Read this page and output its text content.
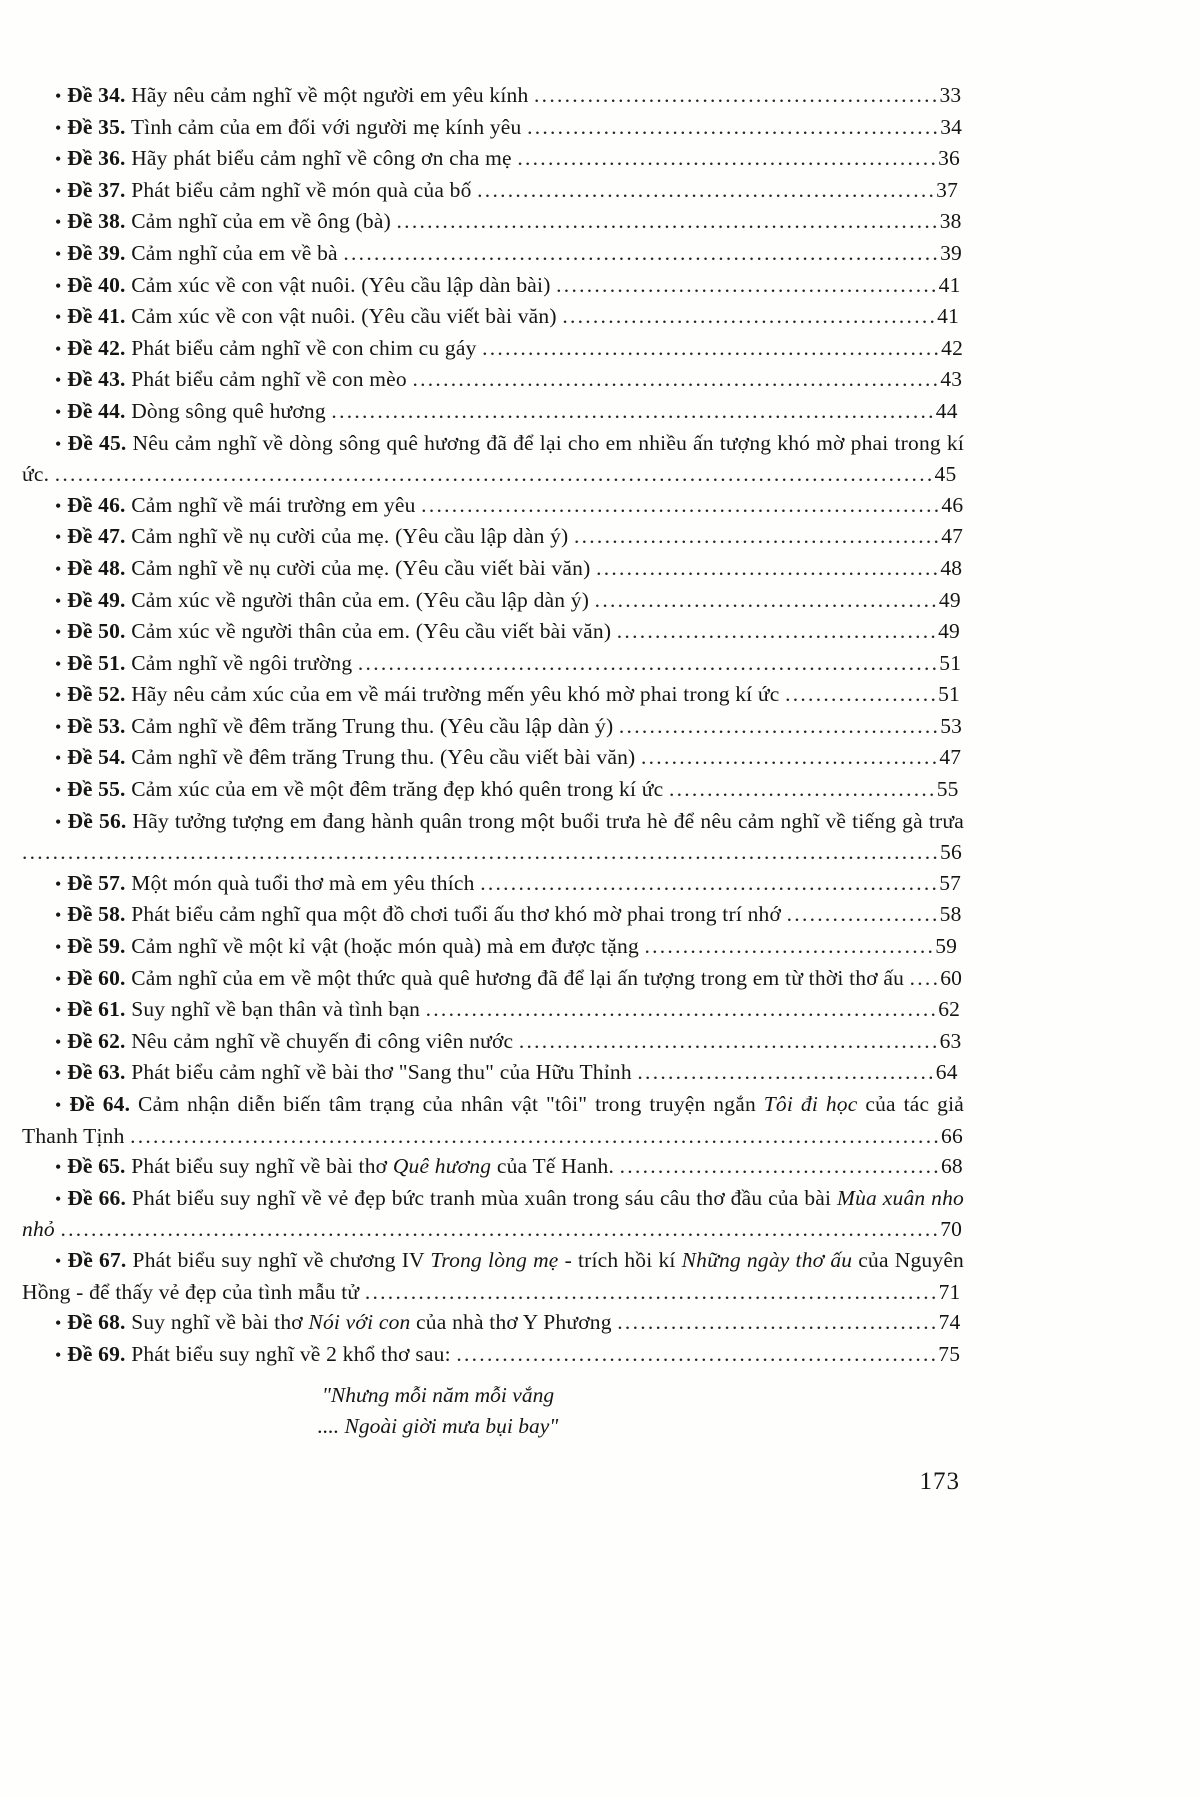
• Đề 34. Hãy nêu cảm nghĩ về một người em yêu kính . . . . . . . . . . . . . . . . . . . . . . . . . . . . . . . . . . . . . . . . . . . . . . . . . . . . . 33
• Đề 35. Tình cảm của em đối với người mẹ kính yêu . . . . . . . . . . . . . . . . . . . . . . . . . . . . . . . . . . . . . . . . . . . . . . . . . . . . . . 34
• Đề 36. Hãy phát biểu cảm nghĩ về công ơn cha mẹ . . . . . . . . . . . . . . . . . . . . . . . . . . . . . . . . . . . . . . . . . . . . . . . . . . . . . . . 36
• Đề 37. Phát biểu cảm nghĩ về món quà của bố . . . . . . . . . . . . . . . . . . . . . . . . . . . . . . . . . . . . . . . . . . . . . . . . . . . . . . . . . . . . 37
• Đề 38. Cảm nghĩ của em về ông (bà) . . . . . . . . . . . . . . . . . . . . . . . . . . . . . . . . . . . . . . . . . . . . . . . . . . . . . . . . . . . . . . . . . . . . . . . 38
• Đề 39. Cảm nghĩ của em về bà . . . . . . . . . . . . . . . . . . . . . . . . . . . . . . . . . . . . . . . . . . . . . . . . . . . . . . . . . . . . . . . . . . . . . . . . . . . . . . 39
• Đề 40. Cảm xúc về con vật nuôi. (Yêu cầu lập dàn bài) . . . . . . . . . . . . . . . . . . . . . . . . . . . . . . . . . . . . . . . . . . . . . . . . . . 41
• Đề 41. Cảm xúc về con vật nuôi. (Yêu cầu viết bài văn) . . . . . . . . . . . . . . . . . . . . . . . . . . . . . . . . . . . . . . . . . . . . . . . . . 41
• Đề 42. Phát biểu cảm nghĩ về con chim cu gáy . . . . . . . . . . . . . . . . . . . . . . . . . . . . . . . . . . . . . . . . . . . . . . . . . . . . . . . . . . . . 42
• Đề 43. Phát biểu cảm nghĩ về con mèo . . . . . . . . . . . . . . . . . . . . . . . . . . . . . . . . . . . . . . . . . . . . . . . . . . . . . . . . . . . . . . . . . . . . . 43
• Đề 44. Dòng sông quê hương . . . . . . . . . . . . . . . . . . . . . . . . . . . . . . . . . . . . . . . . . . . . . . . . . . . . . . . . . . . . . . . . . . . . . . . . . . . . . . . 44
• Đề 45. Nêu cảm nghĩ về dòng sông quê hương đã để lại cho em nhiều ấn tượng khó mờ phai trong kí ức. . . . . . . . . . . . . . . . . . . . . . . . . . . . . . . . . . . . . . . . . . . . . . . . . . . . . . . . . . . . . . . . . . . . . . . . . . . . . . . . . . . . . . . . . . . . . . . . . . . . . . . . . . . . . . . . . . . . 45
• Đề 46. Cảm nghĩ về mái trường em yêu . . . . . . . . . . . . . . . . . . . . . . . . . . . . . . . . . . . . . . . . . . . . . . . . . . . . . . . . . . . . . . . . . . . . 46
• Đề 47. Cảm nghĩ về nụ cười của mẹ. (Yêu cầu lập dàn ý) . . . . . . . . . . . . . . . . . . . . . . . . . . . . . . . . . . . . . . . . . . . . . . . . 47
• Đề 48. Cảm nghĩ về nụ cười của mẹ. (Yêu cầu viết bài văn) . . . . . . . . . . . . . . . . . . . . . . . . . . . . . . . . . . . . . . . . . . . . . 48
• Đề 49. Cảm xúc về người thân của em. (Yêu cầu lập dàn ý) . . . . . . . . . . . . . . . . . . . . . . . . . . . . . . . . . . . . . . . . . . . . . 49
• Đề 50. Cảm xúc về người thân của em. (Yêu cầu viết bài văn) . . . . . . . . . . . . . . . . . . . . . . . . . . . . . . . . . . . . . . . . . . 49
• Đề 51. Cảm nghĩ về ngôi trường . . . . . . . . . . . . . . . . . . . . . . . . . . . . . . . . . . . . . . . . . . . . . . . . . . . . . . . . . . . . . . . . . . . . . . . . . . . . 51
• Đề 52. Hãy nêu cảm xúc của em về mái trường mến yêu khó mờ phai trong kí ức . . . . . . . . . . . . . . . . . . . . 51
• Đề 53. Cảm nghĩ về đêm trăng Trung thu. (Yêu cầu lập dàn ý) . . . . . . . . . . . . . . . . . . . . . . . . . . . . . . . . . . . . . . . . . . 53
• Đề 54. Cảm nghĩ về đêm trăng Trung thu. (Yêu cầu viết bài văn) . . . . . . . . . . . . . . . . . . . . . . . . . . . . . . . . . . . . . . . 47
• Đề 55. Cảm xúc của em về một đêm trăng đẹp khó quên trong kí ức . . . . . . . . . . . . . . . . . . . . . . . . . . . . . . . . . . . 55
• Đề 56. Hãy tưởng tượng em đang hành quân trong một buổi trưa hè để nêu cảm nghĩ về tiếng gà trưa . . . . . . . . . . . . . . . . . . . . . . . . . . . . . . . . . . . . . . . . . . . . . . . . . . . . . . . . . . . . . . . . . . . . . . . . . . . . . . . . . . . . . . . . . . . . . . . . . . . . . . . . . . . . . . . . . . . . . . . . 56
• Đề 57. Một món quà tuổi thơ mà em yêu thích . . . . . . . . . . . . . . . . . . . . . . . . . . . . . . . . . . . . . . . . . . . . . . . . . . . . . . . . . . . . 57
• Đề 58. Phát biểu cảm nghĩ qua một đồ chơi tuổi ấu thơ khó mờ phai trong trí nhớ . . . . . . . . . . . . . . . . . . . . 58
• Đề 59. Cảm nghĩ về một kỉ vật (hoặc món quà) mà em được tặng . . . . . . . . . . . . . . . . . . . . . . . . . . . . . . . . . . . . . . 59
• Đề 60. Cảm nghĩ của em về một thức quà quê hương đã để lại ấn tượng trong em từ thời thơ ấu . . . . 60
• Đề 61. Suy nghĩ về bạn thân và tình bạn . . . . . . . . . . . . . . . . . . . . . . . . . . . . . . . . . . . . . . . . . . . . . . . . . . . . . . . . . . . . . . . . . . . 62
• Đề 62. Nêu cảm nghĩ về chuyến đi công viên nước . . . . . . . . . . . . . . . . . . . . . . . . . . . . . . . . . . . . . . . . . . . . . . . . . . . . . . . 63
• Đề 63. Phát biểu cảm nghĩ về bài thơ "Sang thu" của Hữu Thỉnh . . . . . . . . . . . . . . . . . . . . . . . . . . . . . . . . . . . . . . . 64
• Đề 64. Cảm nhận diễn biến tâm trạng của nhân vật "tôi" trong truyện ngắn Tôi đi học của tác giả Thanh Tịnh . . . . . . . . . . . . . . . . . . . . . . . . . . . . . . . . . . . . . . . . . . . . . . . . . . . . . . . . . . . . . . . . . . . . . . . . . . . . . . . . . . . . . . . . . . . . . . . . . . . . . . . . . . 66
• Đề 65. Phát biểu suy nghĩ về bài thơ Quê hương của Tế Hanh. . . . . . . . . . . . . . . . . . . . . . . . . . . . . . . . . . . . . . . . . . . 68
• Đề 66. Phát biểu suy nghĩ về vẻ đẹp bức tranh mùa xuân trong sáu câu thơ đầu của bài Mùa xuân nho nhỏ . . . . . . . . . . . . . . . . . . . . . . . . . . . . . . . . . . . . . . . . . . . . . . . . . . . . . . . . . . . . . . . . . . . . . . . . . . . . . . . . . . . . . . . . . . . . . . . . . . . . . . . . . . . . . . . . . . . 70
• Đề 67. Phát biểu suy nghĩ về chương IV Trong lòng mẹ - trích hồi kí Những ngày thơ ấu của Nguyên Hồng - để thấy vẻ đẹp của tình mẫu tử . . . . . . . . . . . . . . . . . . . . . . . . . . . . . . . . . . . . . . . . . . . . . . . . . . . . . . . . . . . . . . . . . . . . . . . . . . . 71
• Đề 68. Suy nghĩ về bài thơ Nói với con của nhà thơ Y Phương . . . . . . . . . . . . . . . . . . . . . . . . . . . . . . . . . . . . . . . . . . 74
• Đề 69. Phát biểu suy nghĩ về 2 khổ thơ sau: . . . . . . . . . . . . . . . . . . . . . . . . . . . . . . . . . . . . . . . . . . . . . . . . . . . . . . . . . . . . . . . 75
"Nhưng mỗi năm mỗi vắng
.... Ngoài giời mưa bụi bay"
173
